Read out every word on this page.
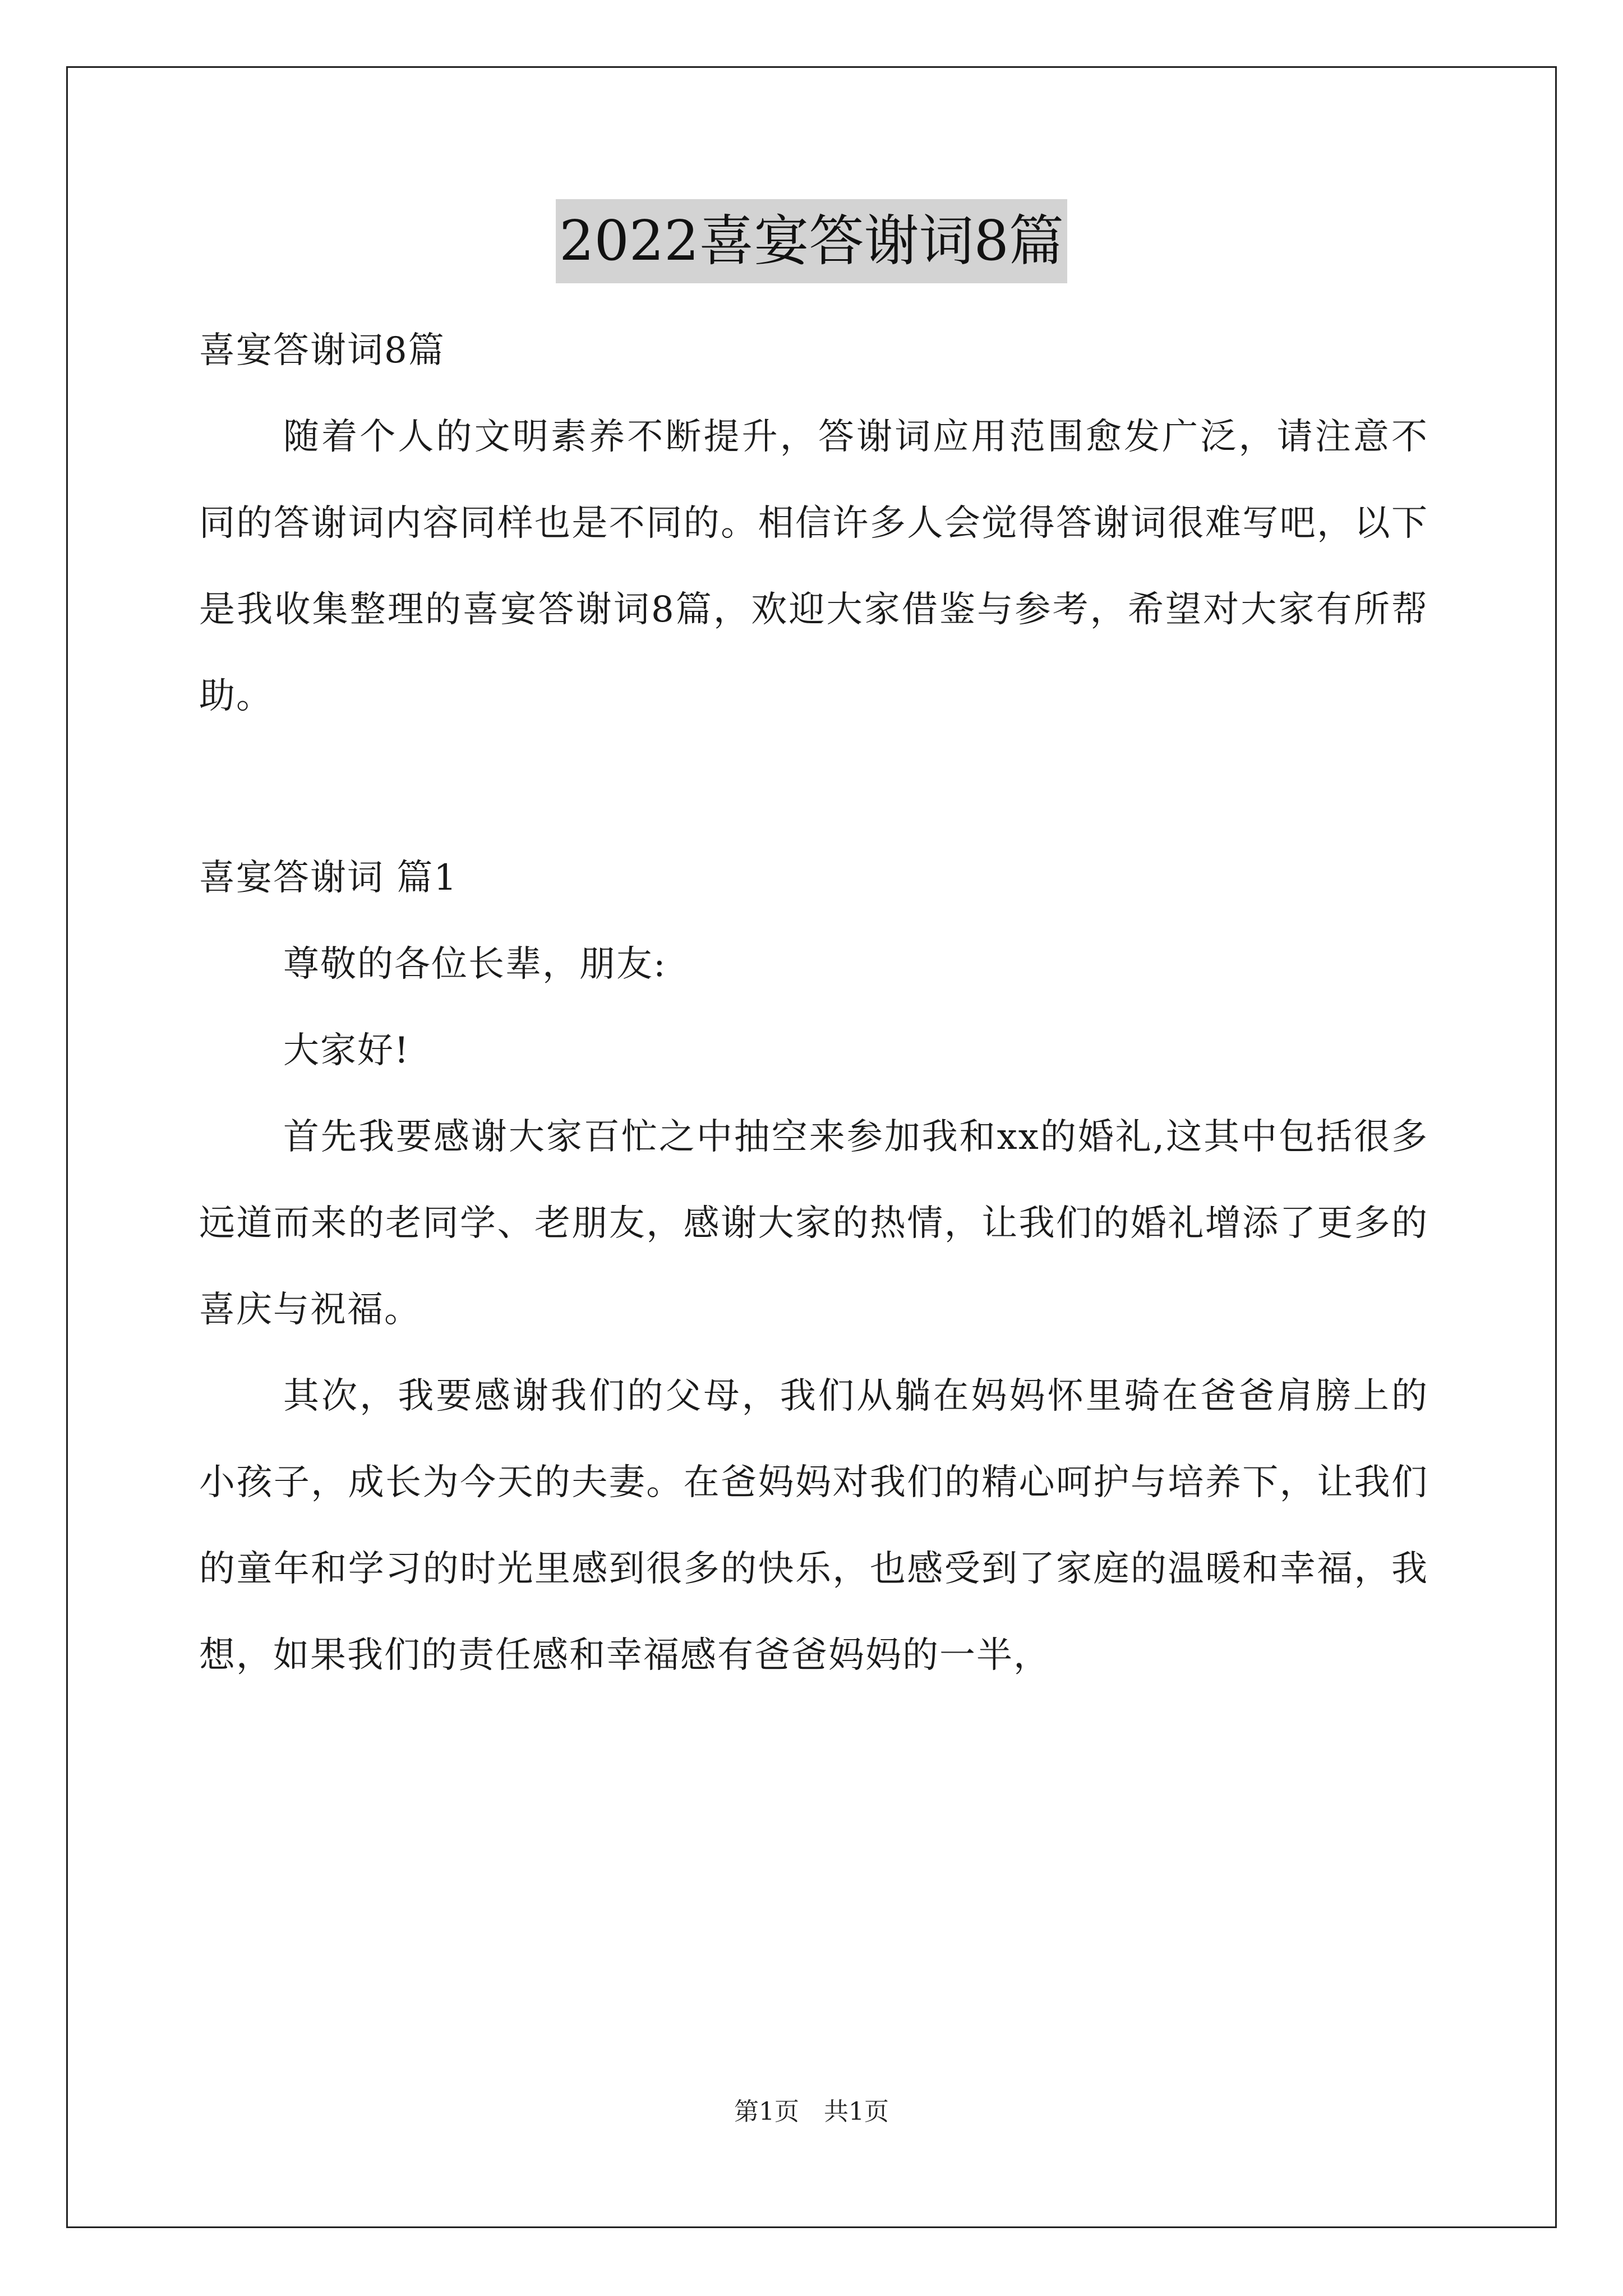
2022喜宴答谢词8篇
喜宴答谢词8篇
随着个人的文明素养不断提升，答谢词应用范围愈发广泛，请注意不同的答谢词内容同样也是不同的。相信许多人会觉得答谢词很难写吧，以下是我收集整理的喜宴答谢词8篇，欢迎大家借鉴与参考，希望对大家有所帮助。
喜宴答谢词 篇1
尊敬的各位长辈，朋友:
大家好!
首先我要感谢大家百忙之中抽空来参加我和xx的婚礼,这其中包括很多远道而来的老同学、老朋友，感谢大家的热情，让我们的婚礼增添了更多的喜庆与祝福。
其次，我要感谢我们的父母，我们从躺在妈妈怀里骑在爸爸肩膀上的小孩子，成长为今天的夫妻。在爸妈妈对我们的精心呵护与培养下，让我们的童年和学习的时光里感到很多的快乐，也感受到了家庭的温暖和幸福，我想，如果我们的责任感和幸福感有爸爸妈妈的一半，
第1页 共1页
